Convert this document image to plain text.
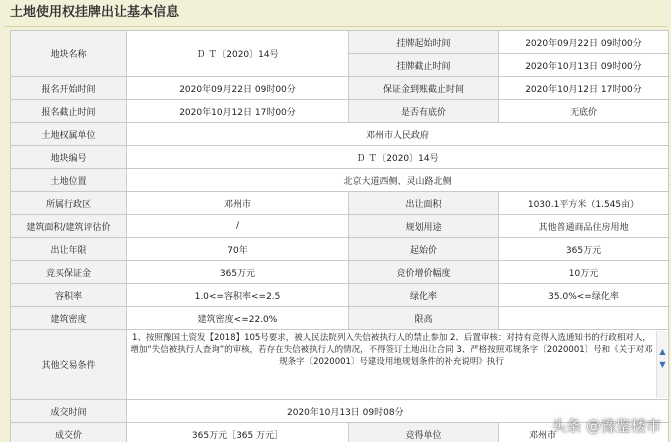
土地使用权挂牌出让基本信息
地块名称	Ｄ Ｔ〔2020〕14号	挂牌起始时间	2020年09月22日 09时00分
		挂牌截止时间	2020年10月13日 09时00分
报名开始时间	2020年09月22日 09时00分	保证金到账截止时间	2020年10月12日 17时00分
报名截止时间	2020年10月12日 17时00分	是否有底价	无底价
土地权属单位	邓州市人民政府		
地块编号	Ｄ Ｔ〔2020〕14号		
土地位置	北京大道西侧、灵山路北侧		
所属行政区	邓州市	出让面积	1030.1平方米（1.545亩）
建筑面积/建筑评估价	/	规划用途	其他普通商品住房用地
出让年限	70年	起始价	365万元
竞买保证金	365万元	竞价增价幅度	10万元
容积率	1.0<=容积率<=2.5	绿化率	35.0%<=绿化率
建筑密度	建筑密度<=22.0%	限高	
其他交易条件	1、按照豫国土资发【2018】105号要求，被人民法院列入失信被执行人的禁止参加 2、后置审核：对持有竞得入选通知书的行政相对人，增加“失信被执行人查询”的审核，若存在失信被执行人的情况，不得签订土地出让合同 3、严格按照邓规条字〔2020001〕号和《关于对邓规条字〔2020001〕号建设用地规划条件的补充说明》执行
▲
▼		

成交时间	2020年10月13日 09时08分		
成交价	365万元［365 万元］	竞得单位	邓州市
头条 @豫鉴楼市
